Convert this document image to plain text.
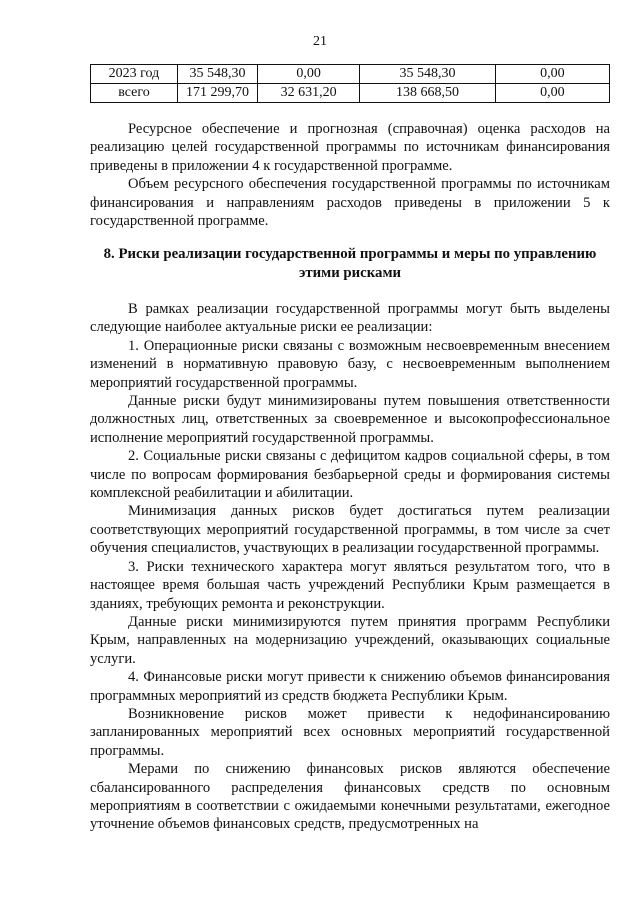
21
2023 год	35 548,30	0,00	35 548,30	0,00
всего	171 299,70	32 631,20	138 668,50	0,00

Ресурсное обеспечение и прогнозная (справочная) оценка расходов на реализацию целей государственной программы по источникам финансирования приведены в приложении 4 к государственной программе.

Объем ресурсного обеспечения государственной программы по источникам финансирования и направлениям расходов приведены в приложении 5 к государственной программе.

8. Риски реализации государственной программы и меры по управлению этими рисками

В рамках реализации государственной программы могут быть выделены следующие наиболее актуальные риски ее реализации:

1. Операционные риски связаны с возможным несвоевременным внесением изменений в нормативную правовую базу, с несвоевременным выполнением мероприятий государственной программы.

Данные риски будут минимизированы путем повышения ответственности должностных лиц, ответственных за своевременное и высокопрофессиональное исполнение мероприятий государственной программы.

2. Социальные риски связаны с дефицитом кадров социальной сферы, в том числе по вопросам формирования безбарьерной среды и формирования системы комплексной реабилитации и абилитации.

Минимизация данных рисков будет достигаться путем реализации соответствующих мероприятий государственной программы, в том числе за счет обучения специалистов, участвующих в реализации государственной программы.

3. Риски технического характера могут являться результатом того, что в настоящее время большая часть учреждений Республики Крым размещается в зданиях, требующих ремонта и реконструкции.

Данные риски минимизируются путем принятия программ Республики Крым, направленных на модернизацию учреждений, оказывающих социальные услуги.

4. Финансовые риски могут привести к снижению объемов финансирования программных мероприятий из средств бюджета Республики Крым.

Возникновение рисков может привести к недофинансированию запланированных мероприятий всех основных мероприятий государственной программы.

Мерами по снижению финансовых рисков являются обеспечение сбалансированного распределения финансовых средств по основным мероприятиям в соответствии с ожидаемыми конечными результатами, ежегодное уточнение объемов финансовых средств, предусмотренных на
